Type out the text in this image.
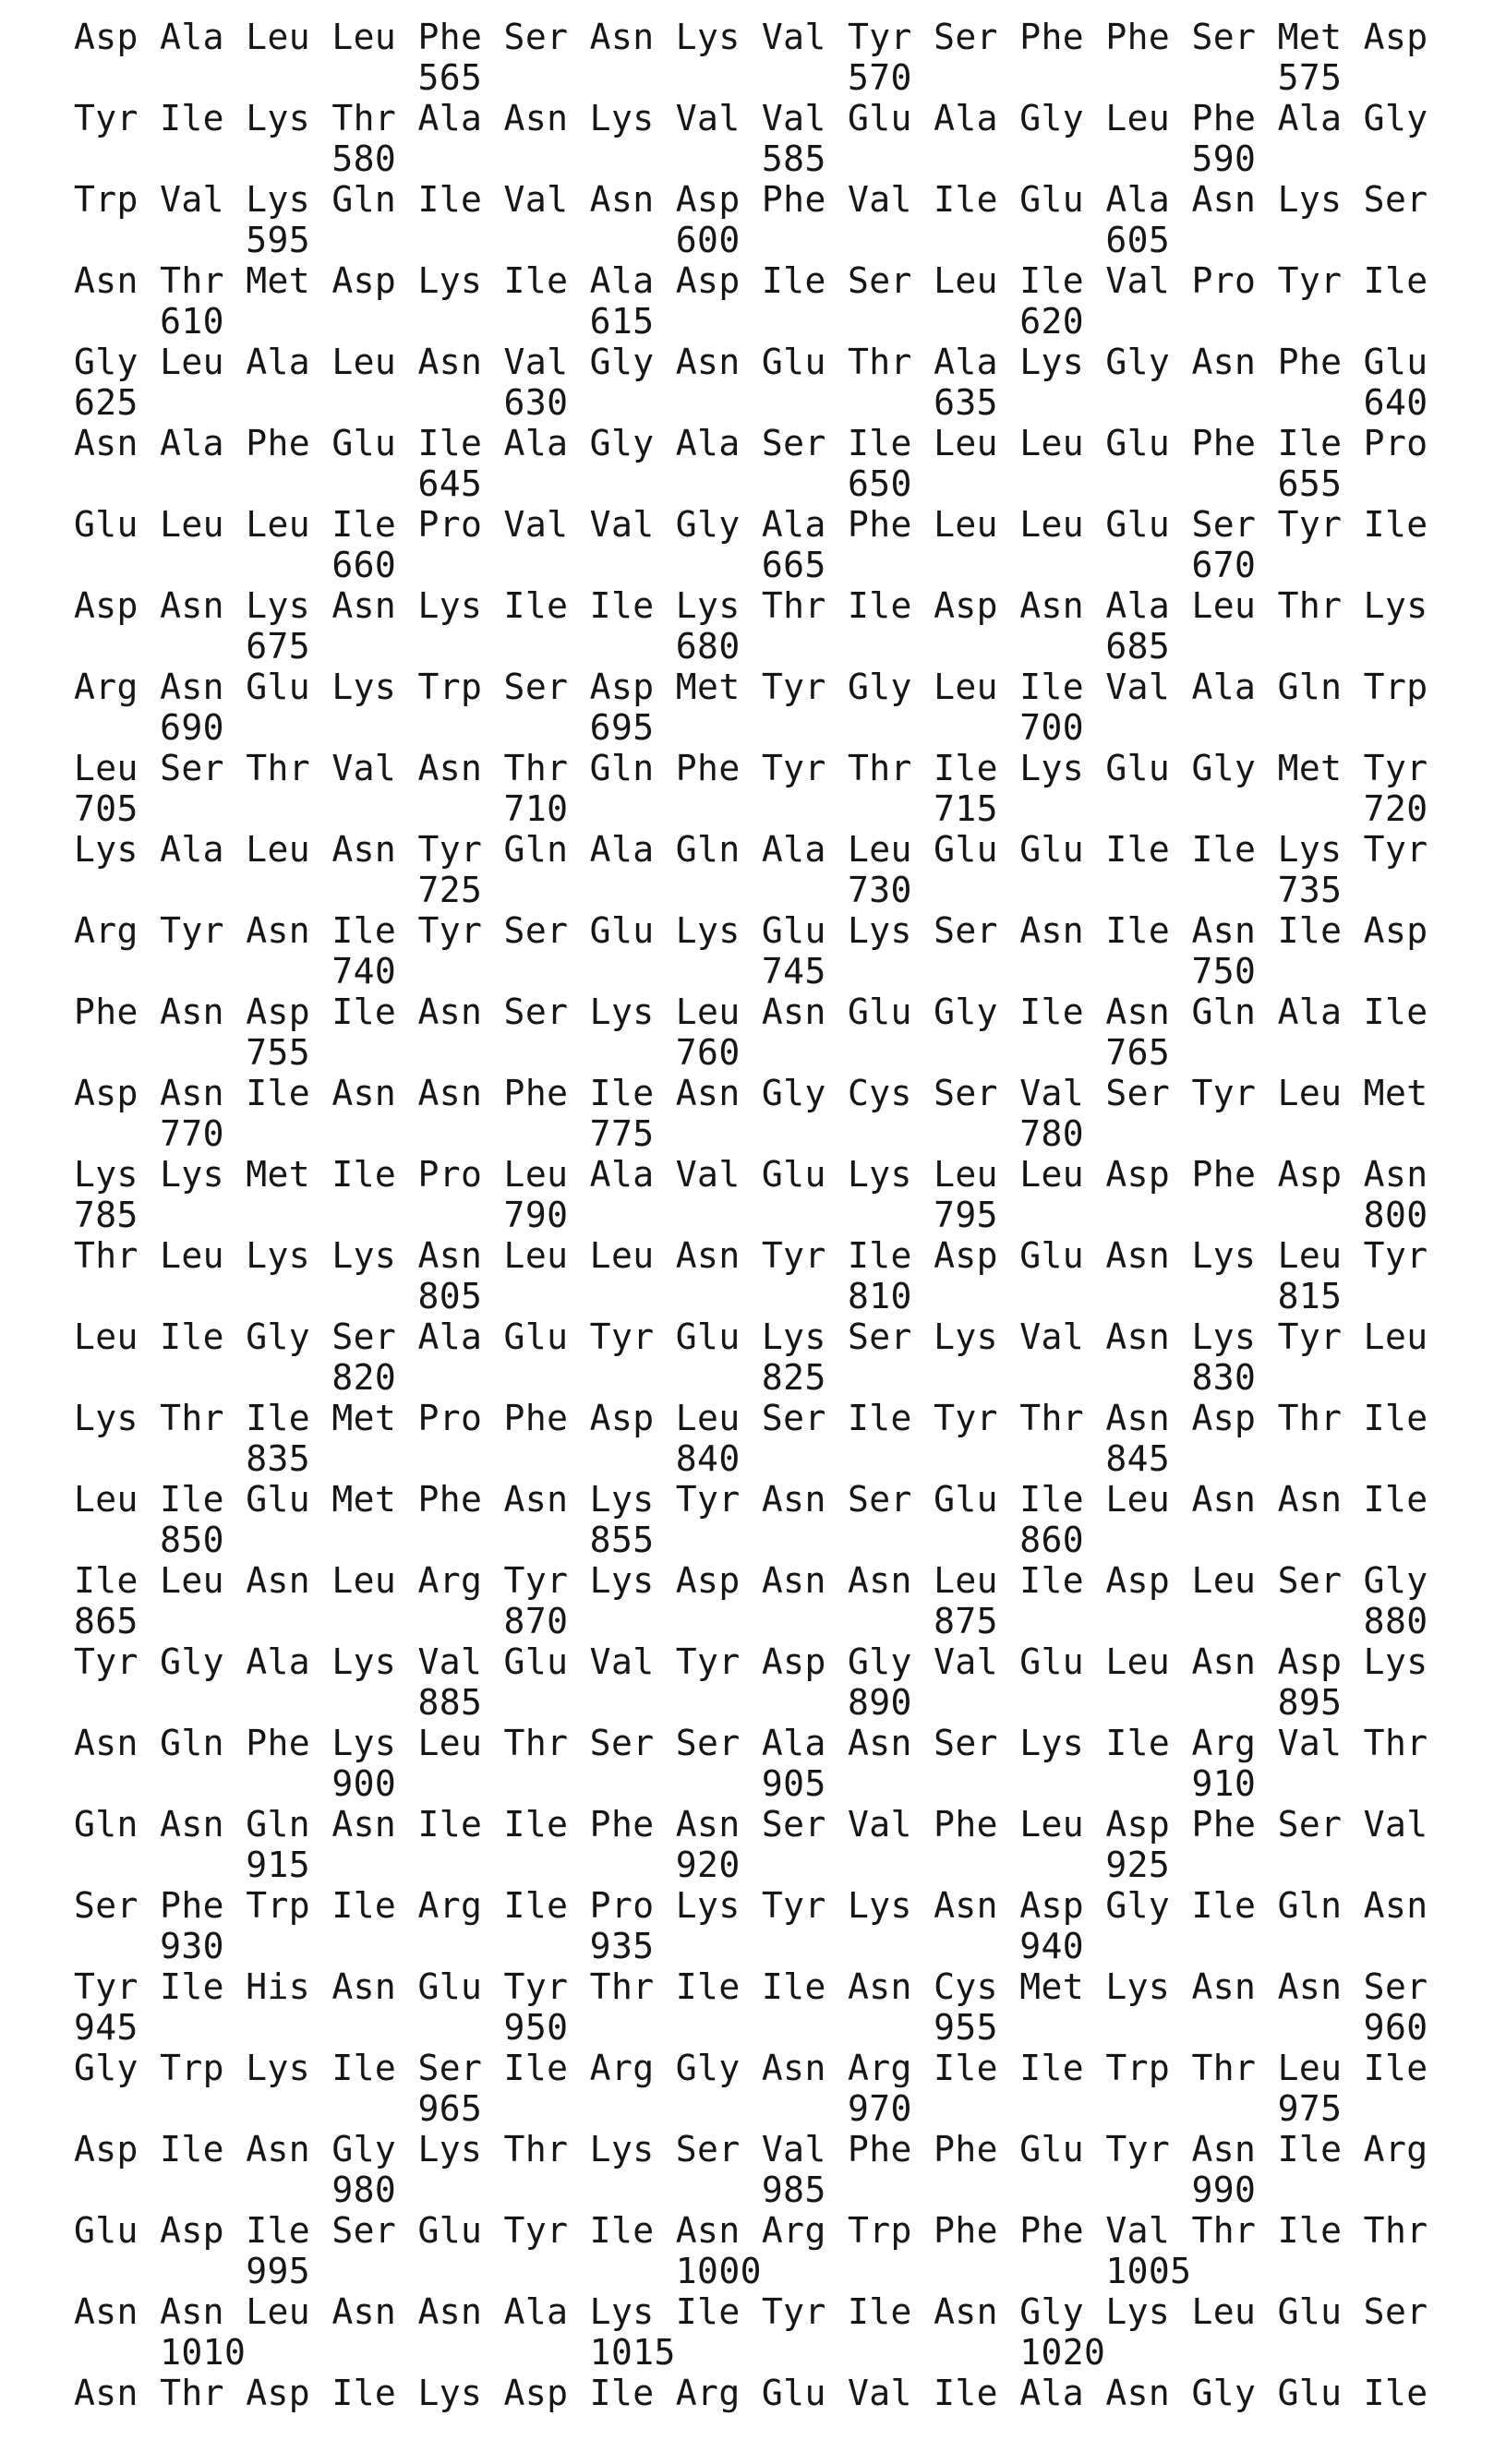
Asp Ala Leu Leu Phe Ser Asn Lys Val Tyr Ser Phe Phe Ser Met Asp
565                 570                 575
Tyr Ile Lys Thr Ala Asn Lys Val Val Glu Ala Gly Leu Phe Ala Gly
580                 585                 590
Trp Val Lys Gln Ile Val Asn Asp Phe Val Ile Glu Ala Asn Lys Ser
595                 600                 605
Asn Thr Met Asp Lys Ile Ala Asp Ile Ser Leu Ile Val Pro Tyr Ile
610                 615                 620
Gly Leu Ala Leu Asn Val Gly Asn Glu Thr Ala Lys Gly Asn Phe Glu
625                 630                 635                 640
Asn Ala Phe Glu Ile Ala Gly Ala Ser Ile Leu Leu Glu Phe Ile Pro
645                 650                 655
Glu Leu Leu Ile Pro Val Val Gly Ala Phe Leu Leu Glu Ser Tyr Ile
660                 665                 670
Asp Asn Lys Asn Lys Ile Ile Lys Thr Ile Asp Asn Ala Leu Thr Lys
675                 680                 685
Arg Asn Glu Lys Trp Ser Asp Met Tyr Gly Leu Ile Val Ala Gln Trp
690                 695                 700
Leu Ser Thr Val Asn Thr Gln Phe Tyr Thr Ile Lys Glu Gly Met Tyr
705                 710                 715                 720
Lys Ala Leu Asn Tyr Gln Ala Gln Ala Leu Glu Glu Ile Ile Lys Tyr
725                 730                 735
Arg Tyr Asn Ile Tyr Ser Glu Lys Glu Lys Ser Asn Ile Asn Ile Asp
740                 745                 750
Phe Asn Asp Ile Asn Ser Lys Leu Asn Glu Gly Ile Asn Gln Ala Ile
755                 760                 765
Asp Asn Ile Asn Asn Phe Ile Asn Gly Cys Ser Val Ser Tyr Leu Met
770                 775                 780
Lys Lys Met Ile Pro Leu Ala Val Glu Lys Leu Leu Asp Phe Asp Asn
785                 790                 795                 800
Thr Leu Lys Lys Asn Leu Leu Asn Tyr Ile Asp Glu Asn Lys Leu Tyr
805                 810                 815
Leu Ile Gly Ser Ala Glu Tyr Glu Lys Ser Lys Val Asn Lys Tyr Leu
820                 825                 830
Lys Thr Ile Met Pro Phe Asp Leu Ser Ile Tyr Thr Asn Asp Thr Ile
835                 840                 845
Leu Ile Glu Met Phe Asn Lys Tyr Asn Ser Glu Ile Leu Asn Asn Ile
850                 855                 860
Ile Leu Asn Leu Arg Tyr Lys Asp Asn Asn Leu Ile Asp Leu Ser Gly
865                 870                 875                 880
Tyr Gly Ala Lys Val Glu Val Tyr Asp Gly Val Glu Leu Asn Asp Lys
885                 890                 895
Asn Gln Phe Lys Leu Thr Ser Ser Ala Asn Ser Lys Ile Arg Val Thr
900                 905                 910
Gln Asn Gln Asn Ile Ile Phe Asn Ser Val Phe Leu Asp Phe Ser Val
915                 920                 925
Ser Phe Trp Ile Arg Ile Pro Lys Tyr Lys Asn Asp Gly Ile Gln Asn
930                 935                 940
Tyr Ile His Asn Glu Tyr Thr Ile Ile Asn Cys Met Lys Asn Asn Ser
945                 950                 955                 960
Gly Trp Lys Ile Ser Ile Arg Gly Asn Arg Ile Ile Trp Thr Leu Ile
965                 970                 975
Asp Ile Asn Gly Lys Thr Lys Ser Val Phe Phe Glu Tyr Asn Ile Arg
980                 985                 990
Glu Asp Ile Ser Glu Tyr Ile Asn Arg Trp Phe Phe Val Thr Ile Thr
995                 1000                1005
Asn Asn Leu Asn Asn Ala Lys Ile Tyr Ile Asn Gly Lys Leu Glu Ser
1010                1015                1020
Asn Thr Asp Ile Lys Asp Ile Arg Glu Val Ile Ala Asn Gly Glu Ile
